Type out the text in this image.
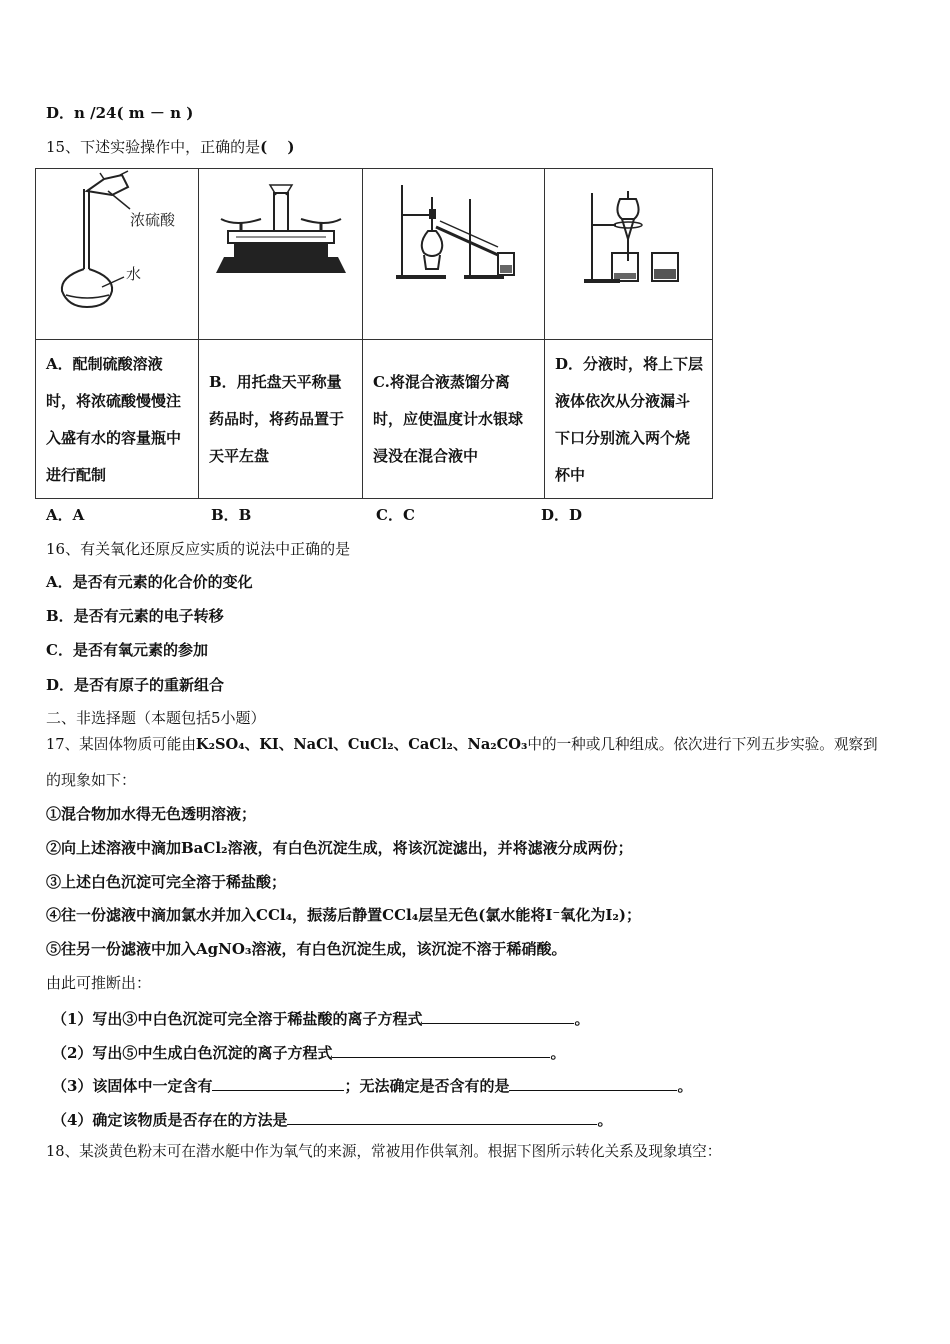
D．n /24( m － n )
15、下述实验操作中，正确的是(　 )
浓硫酸
水

A．配制硫酸溶液时，将浓硫酸慢慢注入盛有水的容量瓶中进行配制	B．用托盘天平称量药品时，将药品置于天平左盘	C.将混合液蒸馏分离时，应使温度计水银球浸没在混合液中	D．分液时，将上下层液体依次从分液漏斗下口分别流入两个烧杯中
A．A	B．B	C．C	D．D
16、有关氧化还原反应实质的说法中正确的是
A．是否有元素的化合价的变化
B．是否有元素的电子转移
C．是否有氧元素的参加
D．是否有原子的重新组合
二、非选择题（本题包括5小题）
17、某固体物质可能由K₂SO₄、KI、NaCl、CuCl₂、CaCl₂、Na₂CO₃中的一种或几种组成。依次进行下列五步实验。观察到
的现象如下：
①混合物加水得无色透明溶液；
②向上述溶液中滴加BaCl₂溶液，有白色沉淀生成，将该沉淀滤出，并将滤液分成两份；
③上述白色沉淀可完全溶于稀盐酸；
④往一份滤液中滴加氯水并加入CCl₄，振荡后静置CCl₄层呈无色(氯水能将I⁻氧化为I₂)；
⑤往另一份滤液中加入AgNO₃溶液，有白色沉淀生成，该沉淀不溶于稀硝酸。
由此可推断出：
（1）写出③中白色沉淀可完全溶于稀盐酸的离子方程式	。
（2）写出⑤中生成白色沉淀的离子方程式	。
（3）该固体中一定含有	；无法确定是否含有的是	。
（4）确定该物质是否存在的方法是	。
18、某淡黄色粉末可在潜水艇中作为氧气的来源，常被用作供氧剂。根据下图所示转化关系及现象填空：
